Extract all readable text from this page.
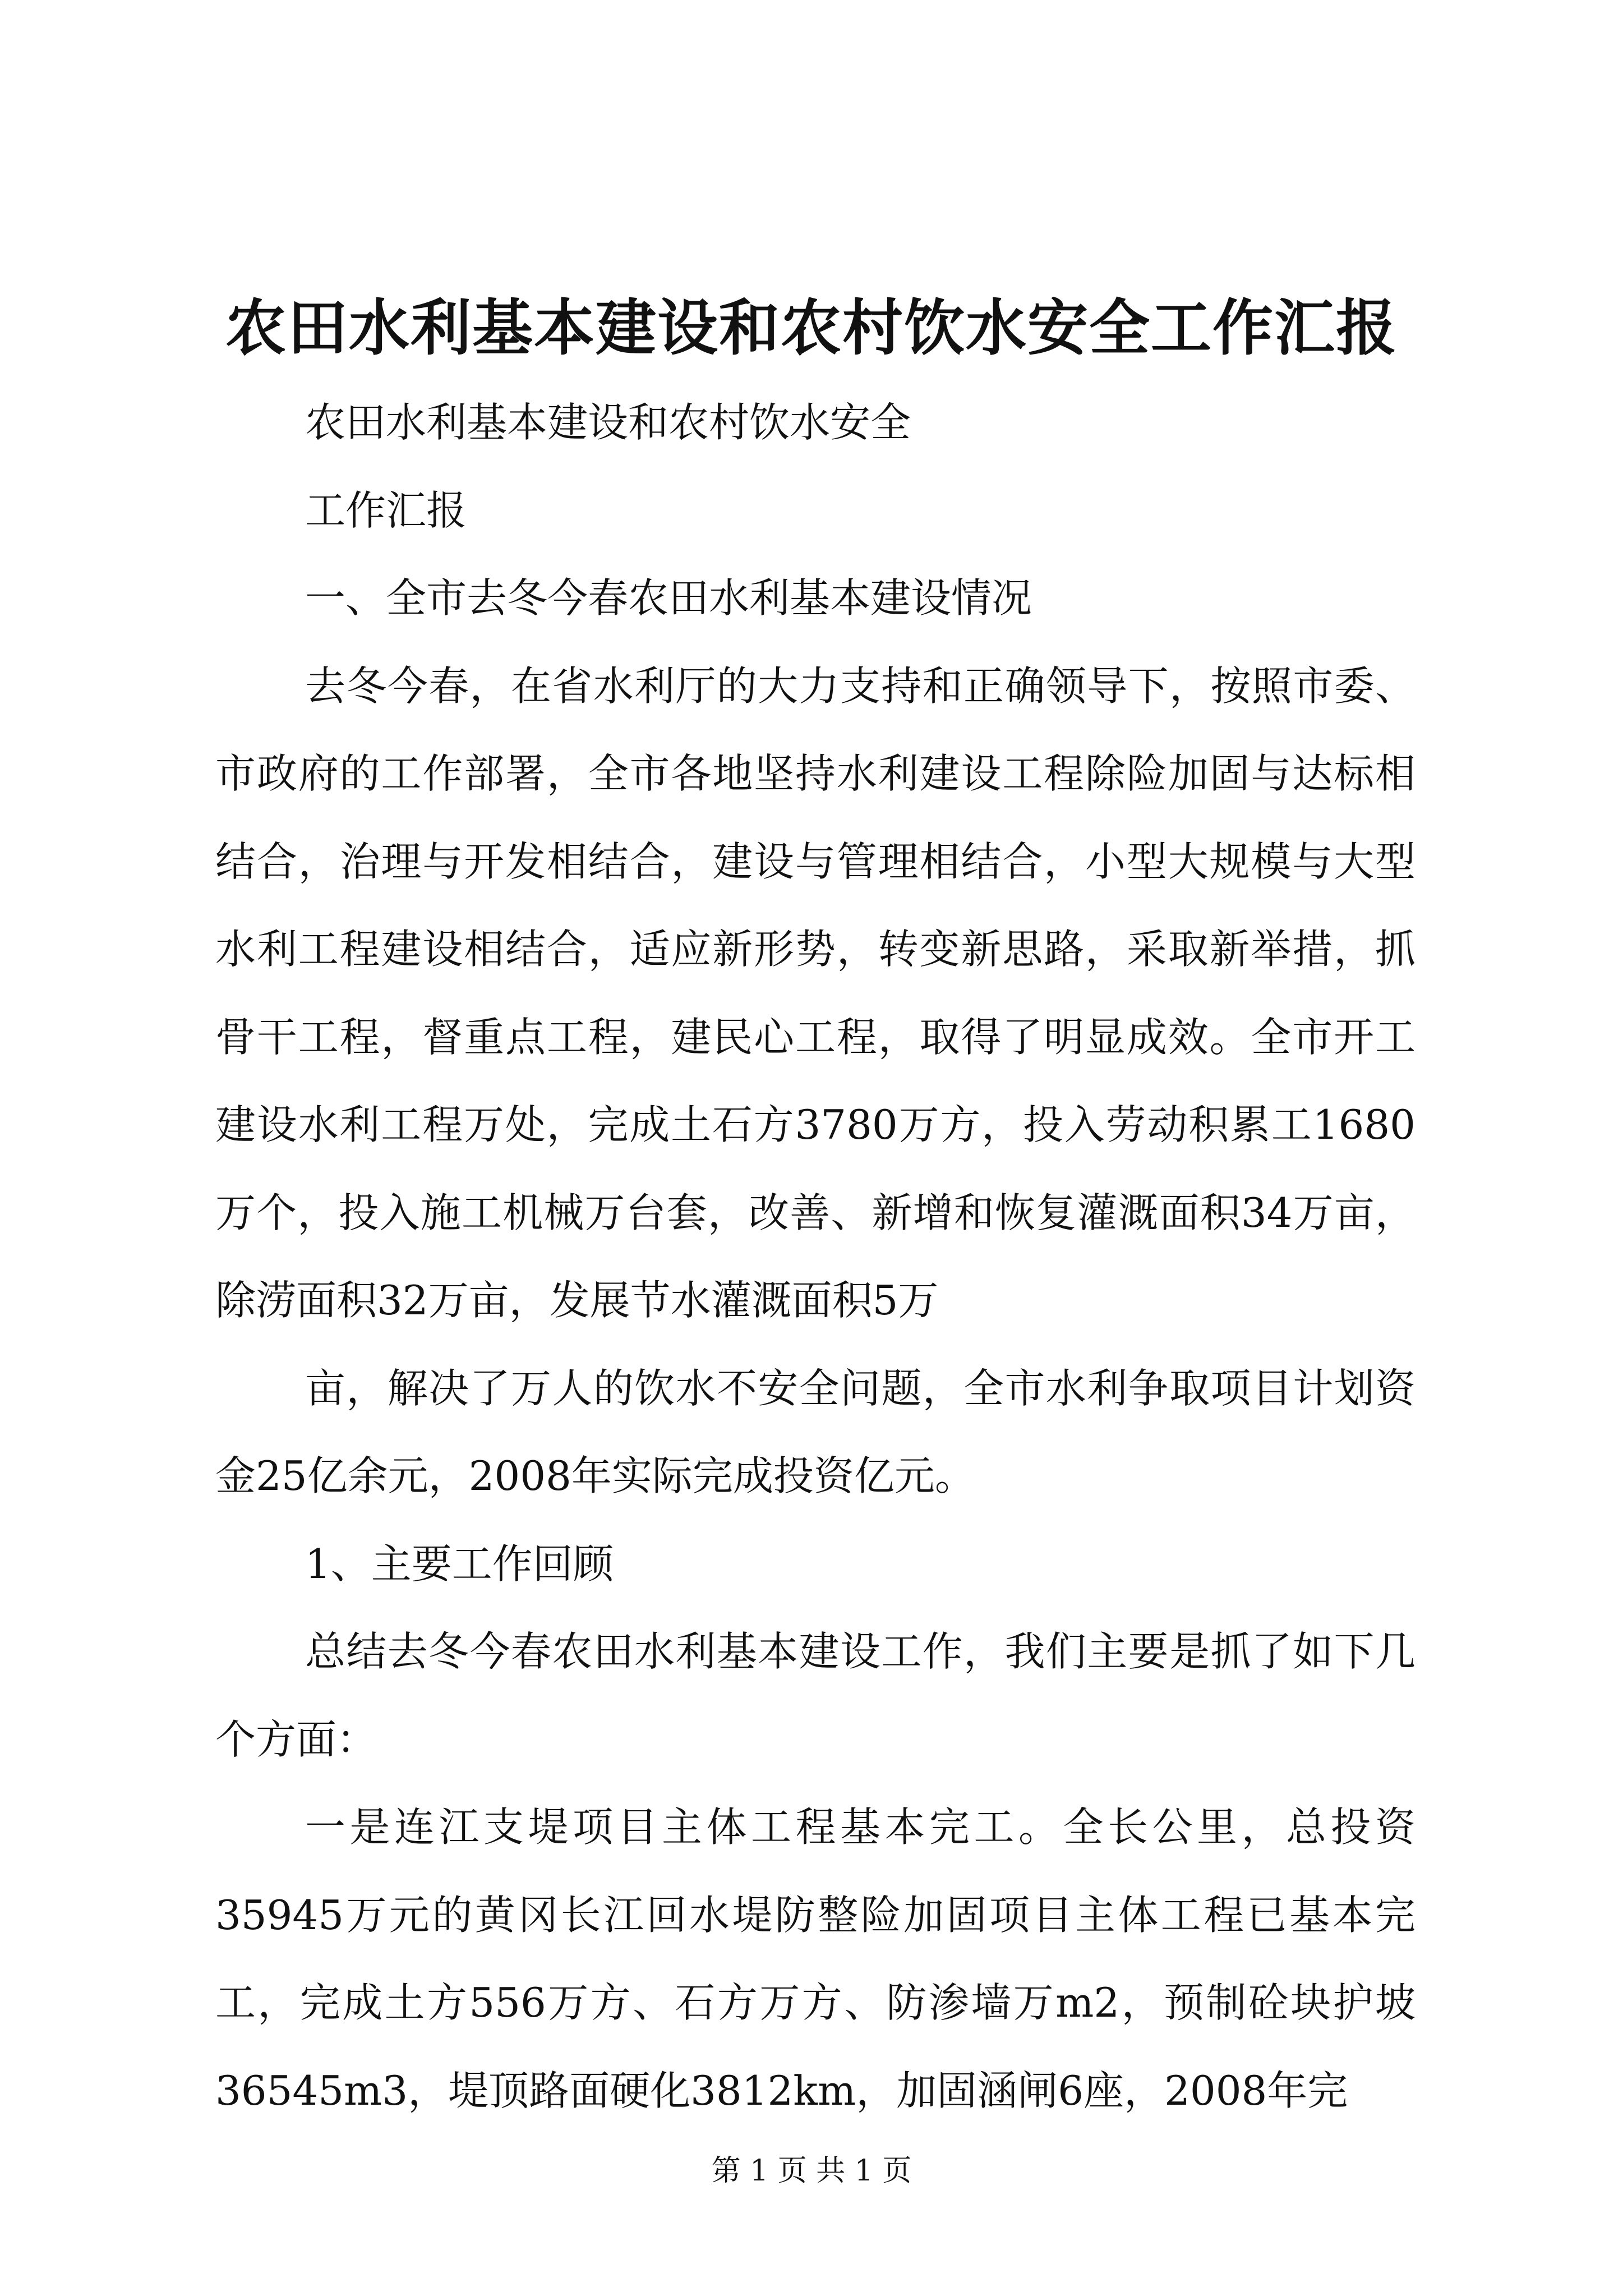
农田水利基本建设和农村饮水安全工作汇报

农田水利基本建设和农村饮水安全

工作汇报

一、全市去冬今春农田水利基本建设情况

去冬今春，在省水利厅的大力支持和正确领导下，按照市委、市政府的工作部署，全市各地坚持水利建设工程除险加固与达标相结合，治理与开发相结合，建设与管理相结合，小型大规模与大型水利工程建设相结合，适应新形势，转变新思路，采取新举措，抓骨干工程，督重点工程，建民心工程，取得了明显成效。全市开工建设水利工程万处，完成土石方3780万方，投入劳动积累工1680万个，投入施工机械万台套，改善、新增和恢复灌溉面积34万亩，除涝面积32万亩，发展节水灌溉面积5万

亩，解决了万人的饮水不安全问题，全市水利争取项目计划资金25亿余元，2008年实际完成投资亿元。

1、主要工作回顾

总结去冬今春农田水利基本建设工作，我们主要是抓了如下几个方面：

一是连江支堤项目主体工程基本完工。全长公里，总投资35945万元的黄冈长江回水堤防整险加固项目主体工程已基本完工，完成土方556万方、石方万方、防渗墙万m2，预制砼块护坡36545m3，堤顶路面硬化3812km，加固涵闸6座，2008年完

第 1 页 共 1 页
